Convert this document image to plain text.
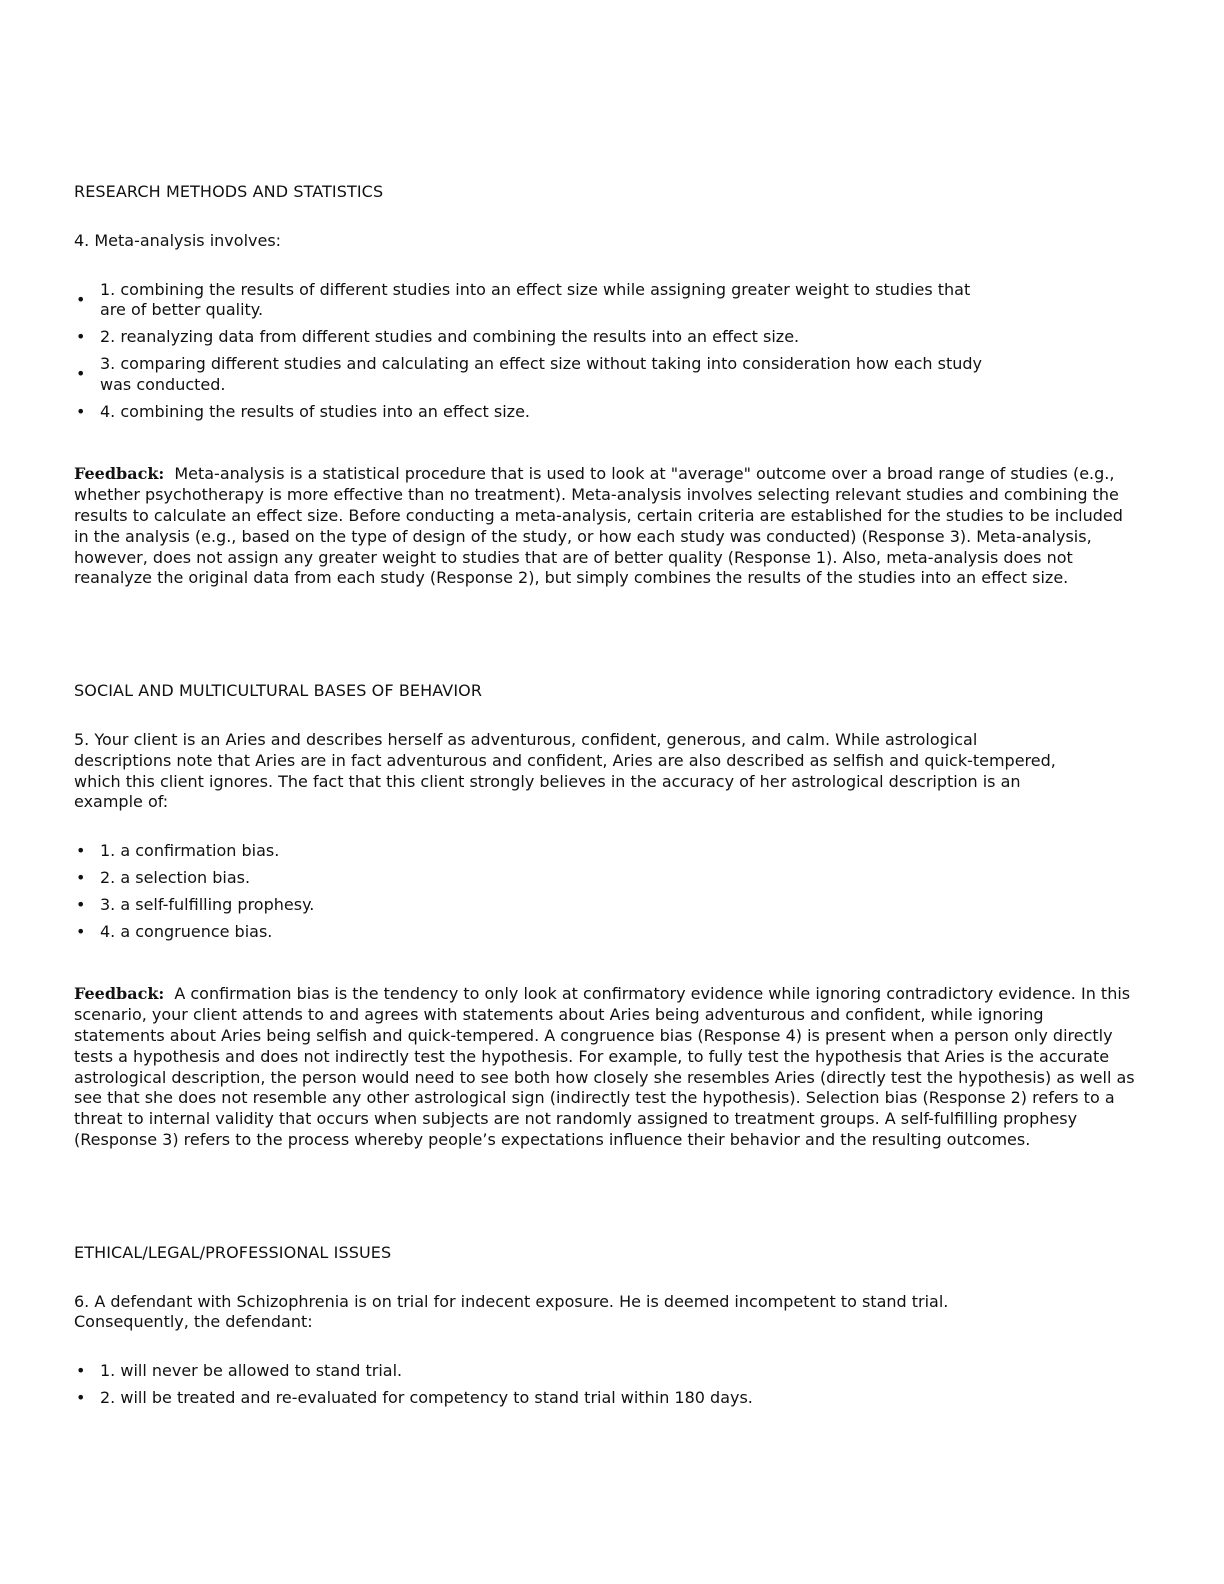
RESEARCH METHODS AND STATISTICS

4. Meta-analysis involves:

•
1. combining the results of different studies into an effect size while assigning greater weight to studies that are of better quality.
• 2. reanalyzing data from different studies and combining the results into an effect size.
•
3. comparing different studies and calculating an effect size without taking into consideration how each study was conducted.
• 4. combining the results of studies into an effect size.

Feedback: Meta-analysis is a statistical procedure that is used to look at "average" outcome over a broad range of studies (e.g., whether psychotherapy is more effective than no treatment). Meta-analysis involves selecting relevant studies and combining the results to calculate an effect size. Before conducting a meta-analysis, certain criteria are established for the studies to be included in the analysis (e.g., based on the type of design of the study, or how each study was conducted) (Response 3). Meta-analysis, however, does not assign any greater weight to studies that are of better quality (Response 1). Also, meta-analysis does not reanalyze the original data from each study (Response 2), but simply combines the results of the studies into an effect size.

SOCIAL AND MULTICULTURAL BASES OF BEHAVIOR

5. Your client is an Aries and describes herself as adventurous, confident, generous, and calm. While astrological descriptions note that Aries are in fact adventurous and confident, Aries are also described as selfish and quick-tempered, which this client ignores. The fact that this client strongly believes in the accuracy of her astrological description is an example of:

• 1. a confirmation bias.
• 2. a selection bias.
• 3. a self-fulfilling prophesy.
• 4. a congruence bias.

Feedback: A confirmation bias is the tendency to only look at confirmatory evidence while ignoring contradictory evidence. In this scenario, your client attends to and agrees with statements about Aries being adventurous and confident, while ignoring statements about Aries being selfish and quick-tempered. A congruence bias (Response 4) is present when a person only directly tests a hypothesis and does not indirectly test the hypothesis. For example, to fully test the hypothesis that Aries is the accurate astrological description, the person would need to see both how closely she resembles Aries (directly test the hypothesis) as well as see that she does not resemble any other astrological sign (indirectly test the hypothesis). Selection bias (Response 2) refers to a threat to internal validity that occurs when subjects are not randomly assigned to treatment groups. A self-fulfilling prophesy (Response 3) refers to the process whereby people’s expectations influence their behavior and the resulting outcomes.

ETHICAL/LEGAL/PROFESSIONAL ISSUES

6. A defendant with Schizophrenia is on trial for indecent exposure. He is deemed incompetent to stand trial. Consequently, the defendant:

• 1. will never be allowed to stand trial.
• 2. will be treated and re-evaluated for competency to stand trial within 180 days.
